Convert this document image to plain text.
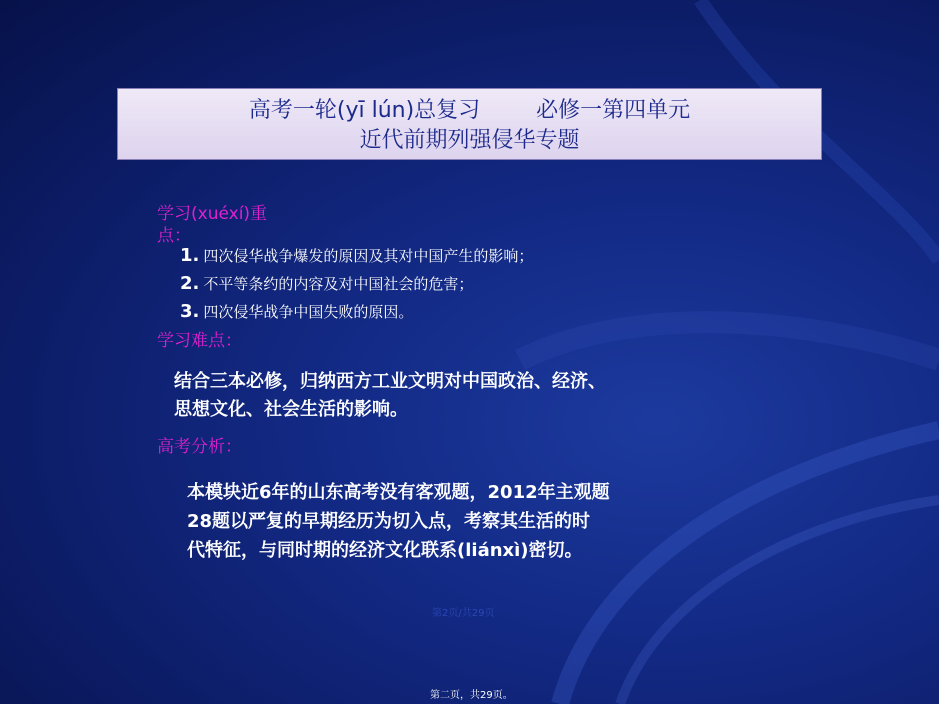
高考一轮(yī lún)总复习        必修一第四单元
近代前期列强侵华专题
学习(xuéxí)重
点：
1. 四次侵华战争爆发的原因及其对中国产生的影响；
2. 不平等条约的内容及对中国社会的危害；
3. 四次侵华战争中国失败的原因。
学习难点：
结合三本必修，归纳西方工业文明对中国政治、经济、
思想文化、社会生活的影响。
高考分析：
本模块近6年的山东高考没有客观题，2012年主观题
28题以严复的早期经历为切入点，考察其生活的时
代特征，与同时期的经济文化联系(liánxì)密切。
第2页/共29页
第二页，共29页。
